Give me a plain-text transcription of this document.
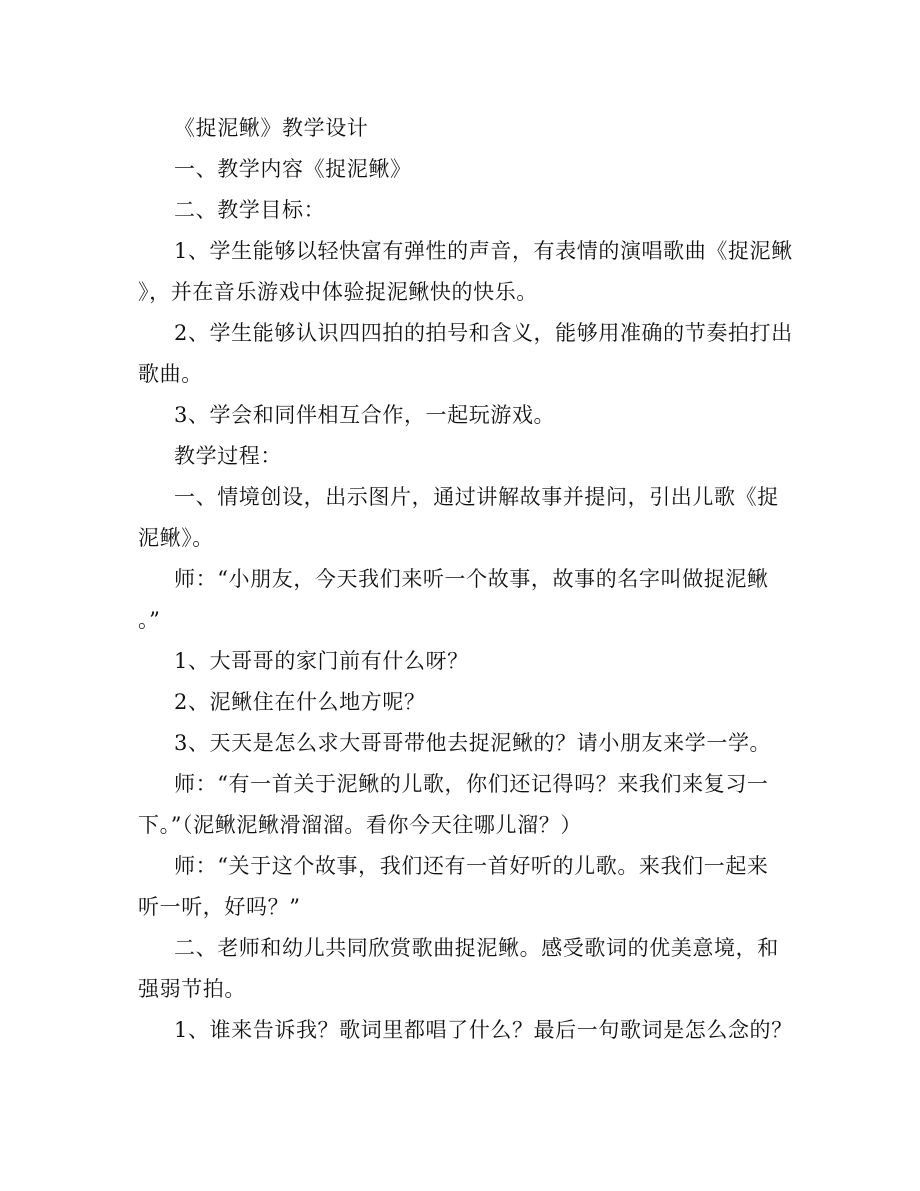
《捉泥鳅》教学设计

一、教学内容《捉泥鳅》

二、教学目标：

1、学生能够以轻快富有弹性的声音，有表情的演唱歌曲《捉泥鳅
》，并在音乐游戏中体验捉泥鳅快的快乐。

2、学生能够认识四四拍的拍号和含义，能够用准确的节奏拍打出
歌曲。

3、学会和同伴相互合作，一起玩游戏。

教学过程：

一、情境创设，出示图片，通过讲解故事并提问，引出儿歌《捉
泥鳅》。

师：“小朋友，今天我们来听一个故事，故事的名字叫做捉泥鳅
。”

1、大哥哥的家门前有什么呀？

2、泥鳅住在什么地方呢？

3、天天是怎么求大哥哥带他去捉泥鳅的？请小朋友来学一学。

师：“有一首关于泥鳅的儿歌，你们还记得吗？来我们来复习一
下。”（泥鳅泥鳅滑溜溜。看你今天往哪儿溜？）

师：“关于这个故事，我们还有一首好听的儿歌。来我们一起来
听一听，好吗？”

二、老师和幼儿共同欣赏歌曲捉泥鳅。感受歌词的优美意境，和
强弱节拍。

1、谁来告诉我？歌词里都唱了什么？最后一句歌词是怎么念的？
